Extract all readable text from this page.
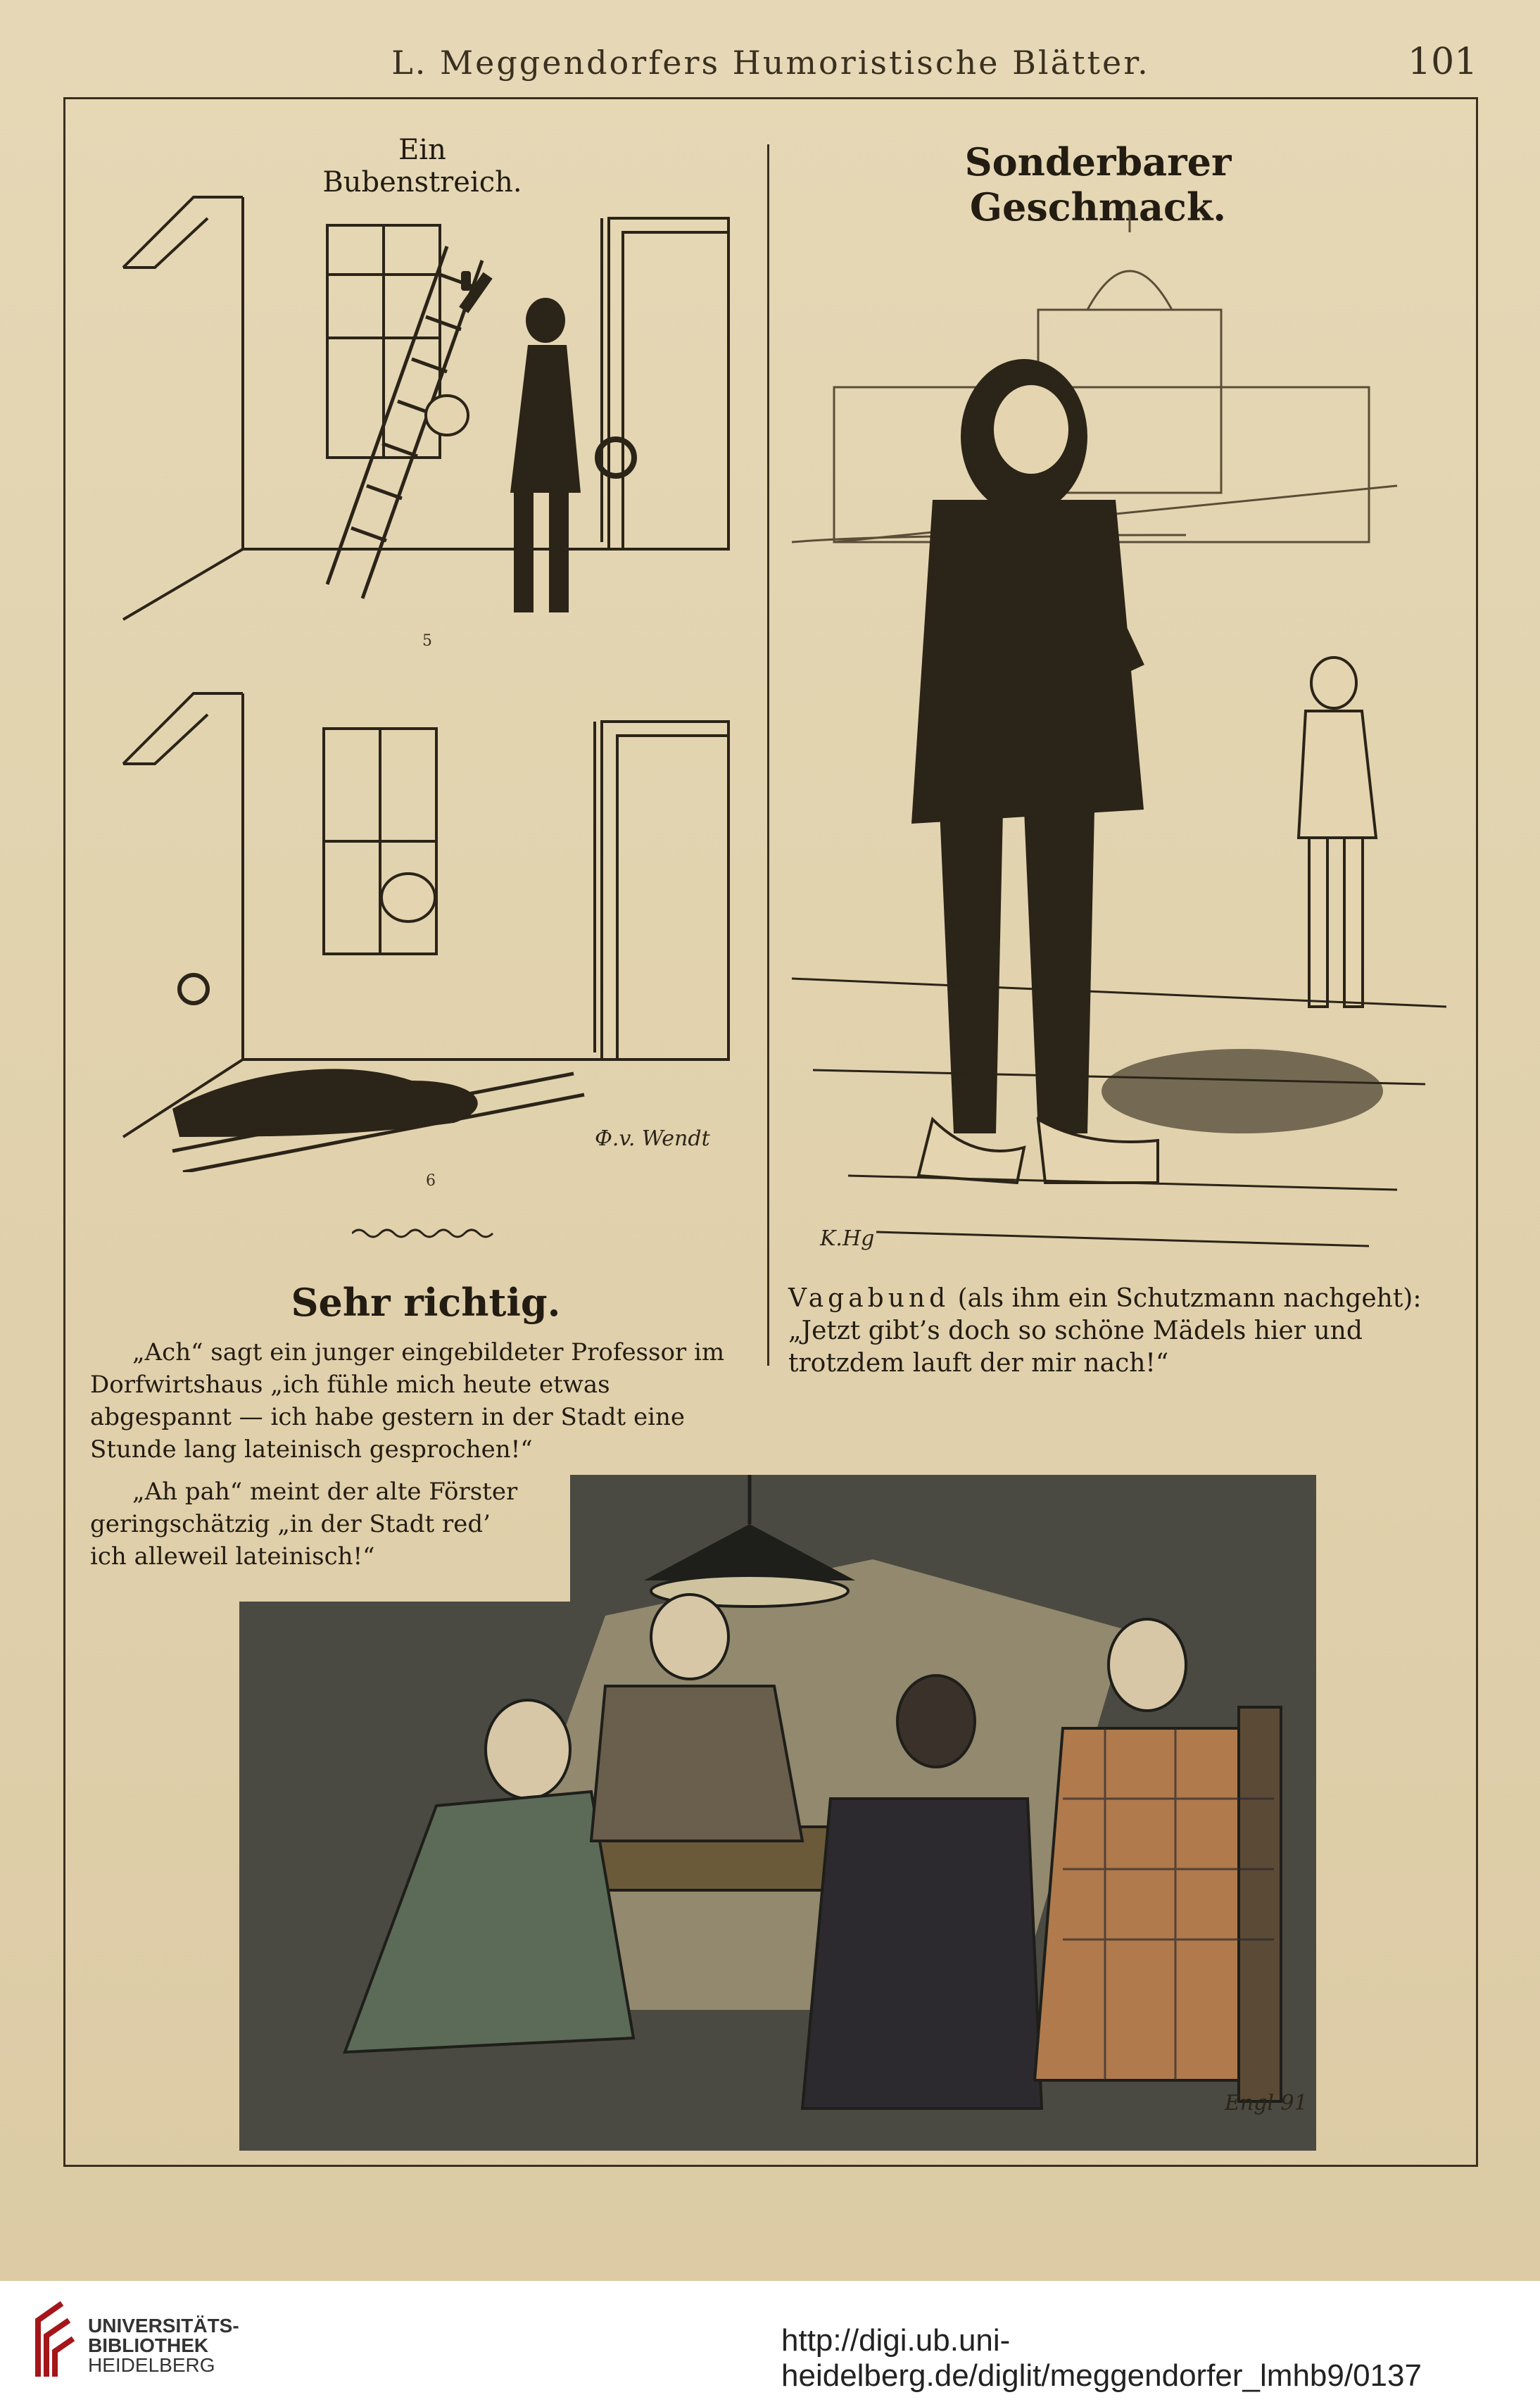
L. Meggendorfers Humoristische Blätter.	101
Ein Bubenstreich.
5
Ф.v. Wendt
6
Sonderbarer Geschmack.
K.Hg
Vagabund (als ihm ein Schutzmann nachgeht): „Jetzt gibt’s doch so schöne Mädels hier und trotzdem lauft der mir nach!“
Sehr richtig.

„Ach“ sagt ein junger eingebildeter Professor im Dorfwirtshaus „ich fühle mich heute etwas abgespannt — ich habe gestern in der Stadt eine Stunde lang lateinisch gesprochen!“

„Ah pah“ meint der alte Förster geringschätzig „in der Stadt red’ ich alleweil lateinisch!“

Engl 91
UNIVERSITÄTS-
BIBLIOTHEK
HEIDELBERG
http://digi.ub.uni-heidelberg.de/diglit/meggendorfer_lmhb9/0137
